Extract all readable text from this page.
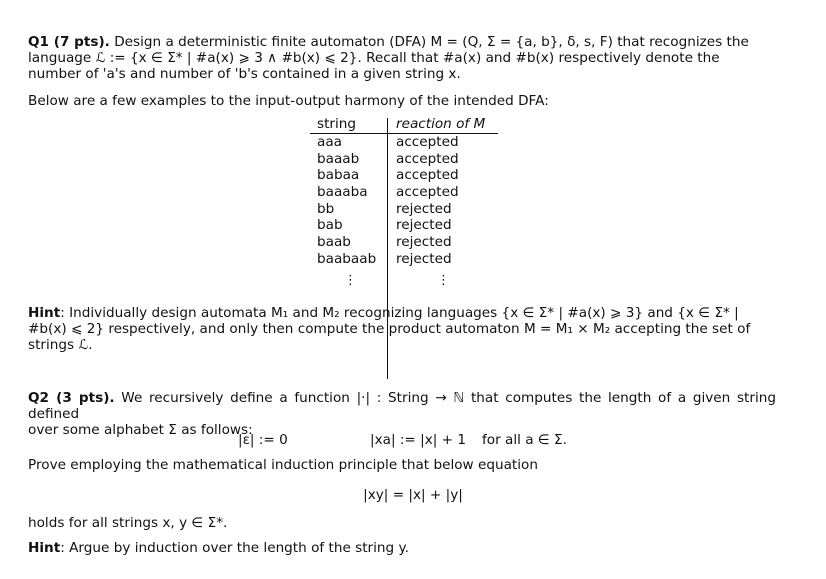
Q1 (7 pts). Design a deterministic finite automaton (DFA) M = (Q, Σ = {a, b}, δ, s, F) that recognizes the
language ℒ := {x ∈ Σ* | #a(x) ⩾ 3 ∧ #b(x) ⩽ 2}. Recall that #a(x) and #b(x) respectively denote the
number of 'a's and number of 'b's contained in a given string x.
Below are a few examples to the input-output harmony of the intended DFA:
string	reaction of M
aaa	accepted
baaab	accepted
babaa	accepted
baaaba	accepted
bb	rejected
bab	rejected
baab	rejected
baabaab	rejected
⋮	⋮
Hint: Individually design automata M₁ and M₂ recognizing languages {x ∈ Σ* | #a(x) ⩾ 3} and {x ∈ Σ* |
#b(x) ⩽ 2} respectively, and only then compute the product automaton M = M₁ × M₂ accepting the set of
strings ℒ.
Q2 (3 pts). We recursively define a function |·| : String → ℕ that computes the length of a given string defined
over some alphabet Σ as follows:
|ε| := 0	|xa| := |x| + 1 for all a ∈ Σ.
Prove employing the mathematical induction principle that below equation
|xy| = |x| + |y|
holds for all strings x, y ∈ Σ*.
Hint: Argue by induction over the length of the string y.
